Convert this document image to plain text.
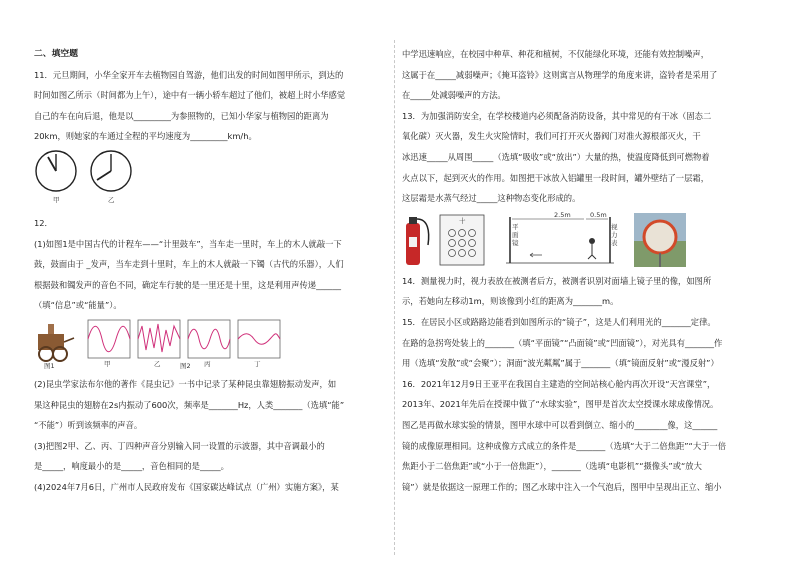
二、填空题

11．元旦期间，小华全家开车去植物园自驾游，他们出发的时间如图甲所示，到达的

时间如图乙所示（时间都为上午），途中有一辆小轿车超过了他们，被超上时小华感觉

自己的车在向后退，他是以_________为参照物的，已知小华家与植物园的距离为

20km，则她家的车通过全程的平均速度为_________km/h。

甲	乙

12．

(1)如图1是中国古代的计程车——“计里鼓车”，当车走一里时，车上的木人就敲一下

鼓，鼓面由于 _发声，当车走到十里时，车上的木人就敲一下镯（古代的乐器），人们

根据鼓和镯发声的音色不同，确定车行驶的是一里还是十里，这是利用声传递______

（填“信息”或“能量”）。

图1	甲	乙	丙	丁
图2

(2)昆虫学家法布尔他的著作《昆虫记》一书中记录了某种昆虫靠翅膀振动发声，如

果这种昆虫的翅膀在2s内振动了600次，频率是_______Hz，人类_______（选填“能”

“不能”）听到该频率的声音。

(3)把图2甲、乙、丙、丁四种声音分别输入同一设置的示波器，其中音调最小的

是_____，响度最小的是_____，音色相同的是_____。

(4)2024年7月6日，广州市人民政府发布《国家碳达峰试点（广州）实施方案》，某

中学迅速响应，在校园中种草、种花和植树，不仅能绿化环境，还能有效控制噪声，

这属于在_____减弱噪声；《掩耳盗铃》这则寓言从物理学的角度来讲，盗铃者是采用了

在_____处减弱噪声的方法。

13．为加强消防安全，在学校楼道内必须配备消防设备，其中常见的有干冰（固态二

氧化碳）灭火器，发生火灾险情时，我们可打开灭火器阀门对准火源根部灭火，干

冰迅速_____从周围_____（选填“吸收”或“放出”）大量的热，使温度降低到可燃物着

火点以下，起到灭火的作用。如图把干冰放入铝罐里一段时间，罐外壁结了一层霜，

这层霜是水蒸气经过_____这种物态变化形成的。

2.5m	0.5m
平面镜
视力表
十

14．测量视力时，视力表放在被测者后方，被测者识别对面墙上镜子里的像，如图所

示，若她向左移动1m，则该像到小红的距离为_______m。

15．在居民小区或路路边能看到如图所示的“镜子”，这是人们利用光的_______定律。

在路的急拐弯处装上的_______（填“平面镜”“凸面镜”或“凹面镜”），对光具有_______作

用（选填“发散”或“会聚”）；洞面“波光粼粼”属于_______（填“镜面反射”或“漫反射”）

16．2021年12月9日王亚平在我国自主建造的空间站核心舱内再次开设“天宫课堂”，

2013年、2021年先后在授课中做了“水球实验”，图甲是首次太空授课水球成像情况。

图乙是再做水球实验的情景，图甲水球中可以看到倒立、缩小的________像，这______

镜的成像原理相同。这种成像方式成立的条件是_______（选填“大于二倍焦距”“大于一倍

焦距小于二倍焦距”或“小于一倍焦距”），_______（选填“电影机”“摄像头”或“放大

镜”）就是依据这一原理工作的；图乙水球中注入一个气泡后，图甲中呈现出正立、缩小
